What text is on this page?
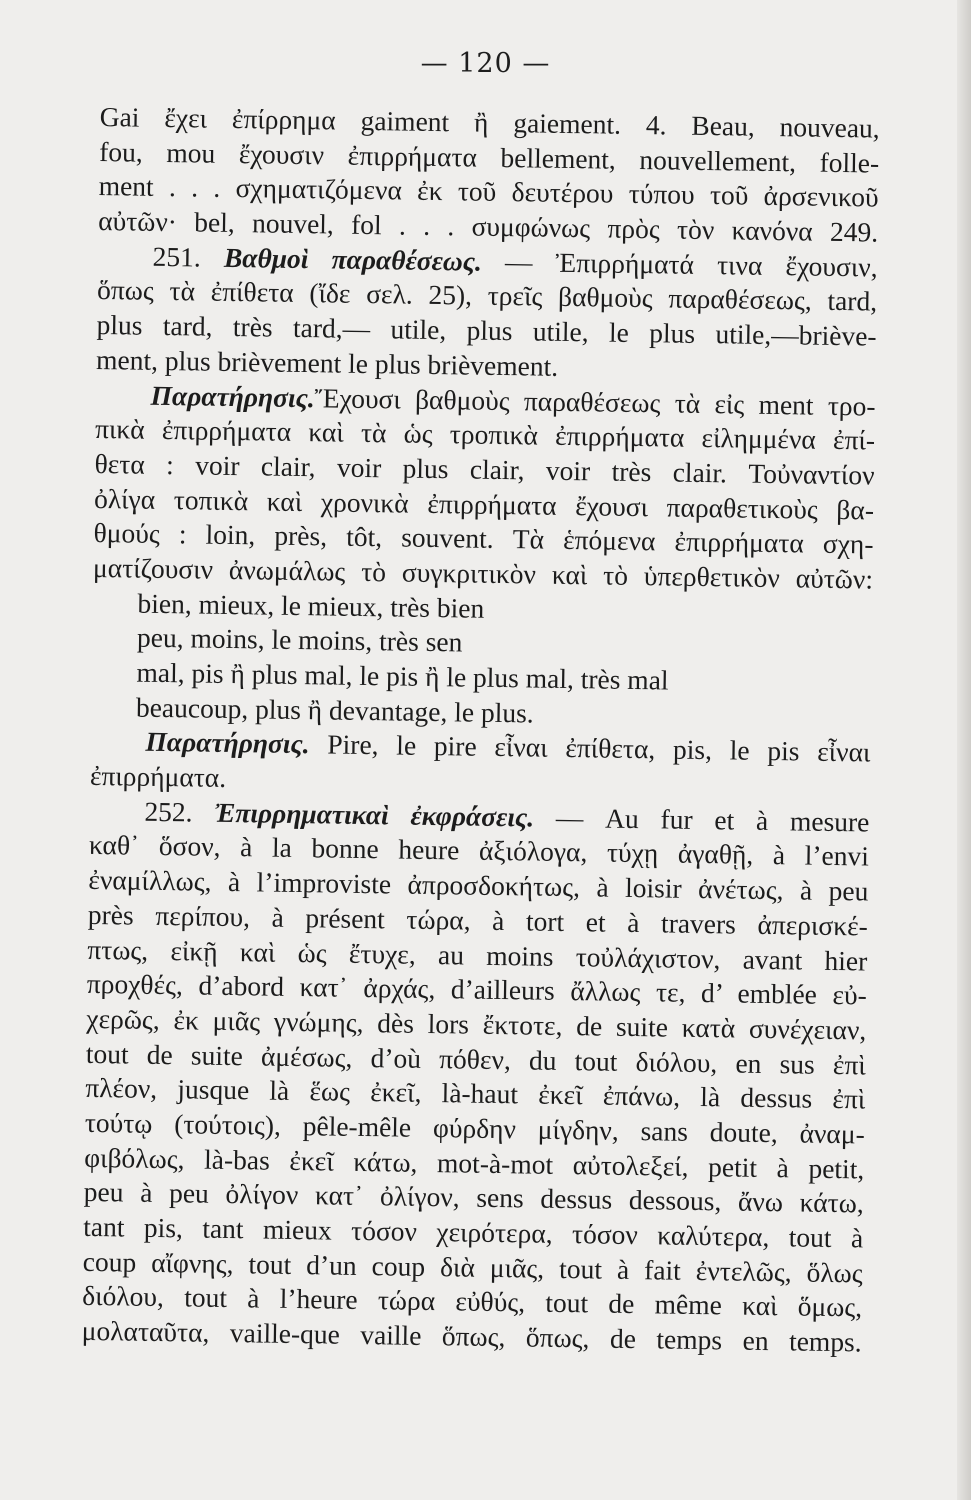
— 120 —
Gai ἔχει ἐπίρρημα gaiment ἢ gaiement. 4. Beau, nouveau,
fou, mou ἔχουσιν ἐπιρρήματα bellement, nouvellement, folle-
ment . . . σχηματιζόμενα ἐκ τοῦ δευτέρου τύπου τοῦ ἀρσενικοῦ
αὐτῶν· bel, nouvel, fol . . . συμφώνως πρὸς τὸν κανόνα 249.
251. Βαθμοὶ παραθέσεως. — Ἐπιρρήματά τινα ἔχουσιν,
ὅπως τὰ ἐπίθετα (ἴδε σελ. 25), τρεῖς βαθμοὺς παραθέσεως, tard,
plus tard, très tard,— utile, plus utile, le plus utile,—briève-
ment, plus brièvement le plus brièvement.
Παρατήρησις.Ἔχουσι βαθμοὺς παραθέσεως τὰ εἰς ment τρο-
πικὰ ἐπιρρήματα καὶ τὰ ὡς τροπικὰ ἐπιρρήματα εἰλημμένα ἐπί-
θετα : voir clair, voir plus clair, voir très clair. Τοὐναντίον
ὀλίγα τοπικὰ καὶ χρονικὰ ἐπιρρήματα ἔχουσι παραθετικοὺς βα-
θμούς : loin, près, tôt, souvent. Τὰ ἑπόμενα ἐπιρρήματα σχη-
ματίζουσιν ἀνωμάλως τὸ συγκριτικὸν καὶ τὸ ὑπερθετικὸν αὐτῶν:
bien, mieux, le mieux, très bien
peu, moins, le moins, très sen
mal, pis ἢ plus mal, le pis ἢ le plus mal, très mal
beaucoup, plus ἢ devantage, le plus.
Παρατήρησις. Pire, le pire εἶναι ἐπίθετα, pis, le pis εἶναι
ἐπιρρήματα.
252. Ἐπιρρηματικαὶ ἐκφράσεις. — Au fur et à mesure
καθ᾽ ὅσον, à la bonne heure ἀξιόλογα, τύχῃ ἀγαθῇ, à l’envi
ἐναμίλλως, à l’improviste ἀπροσδοκήτως, à loisir ἀνέτως, à peu
près περίπου, à présent τώρα, à tort et à travers ἀπερισκέ-
πτως, εἰκῇ καὶ ὡς ἔτυχε, au moins τοὐλάχιστον, avant hier
προχθές, d’abord κατ᾽ ἀρχάς, d’ailleurs ἄλλως τε, d’ emblée εὐ-
χερῶς, ἐκ μιᾶς γνώμης, dès lors ἔκτοτε, de suite κατὰ συνέχειαν,
tout de suite ἀμέσως, d’où πόθεν, du tout διόλου, en sus ἐπὶ
πλέον, jusque là ἕως ἐκεῖ, là-haut ἐκεῖ ἐπάνω, là dessus ἐπὶ
τούτῳ (τούτοις), pêle-mêle φύρδην μίγδην, sans doute, ἀναμ-
φιβόλως, là-bas ἐκεῖ κάτω, mot-à-mot αὐτολεξεί, petit à petit,
peu à peu ὀλίγον κατ᾽ ὀλίγον, sens dessus dessous, ἄνω κάτω,
tant pis, tant mieux τόσον χειρότερα, τόσον καλύτερα, tout à
coup αἴφνης, tout d’un coup διὰ μιᾶς, tout à fait ἐντελῶς, ὅλως
διόλου, tout à l’heure τώρα εὐθύς, tout de même καὶ ὅμως,
μολαταῦτα, vaille-que vaille ὅπως, ὅπως, de temps en temps.
